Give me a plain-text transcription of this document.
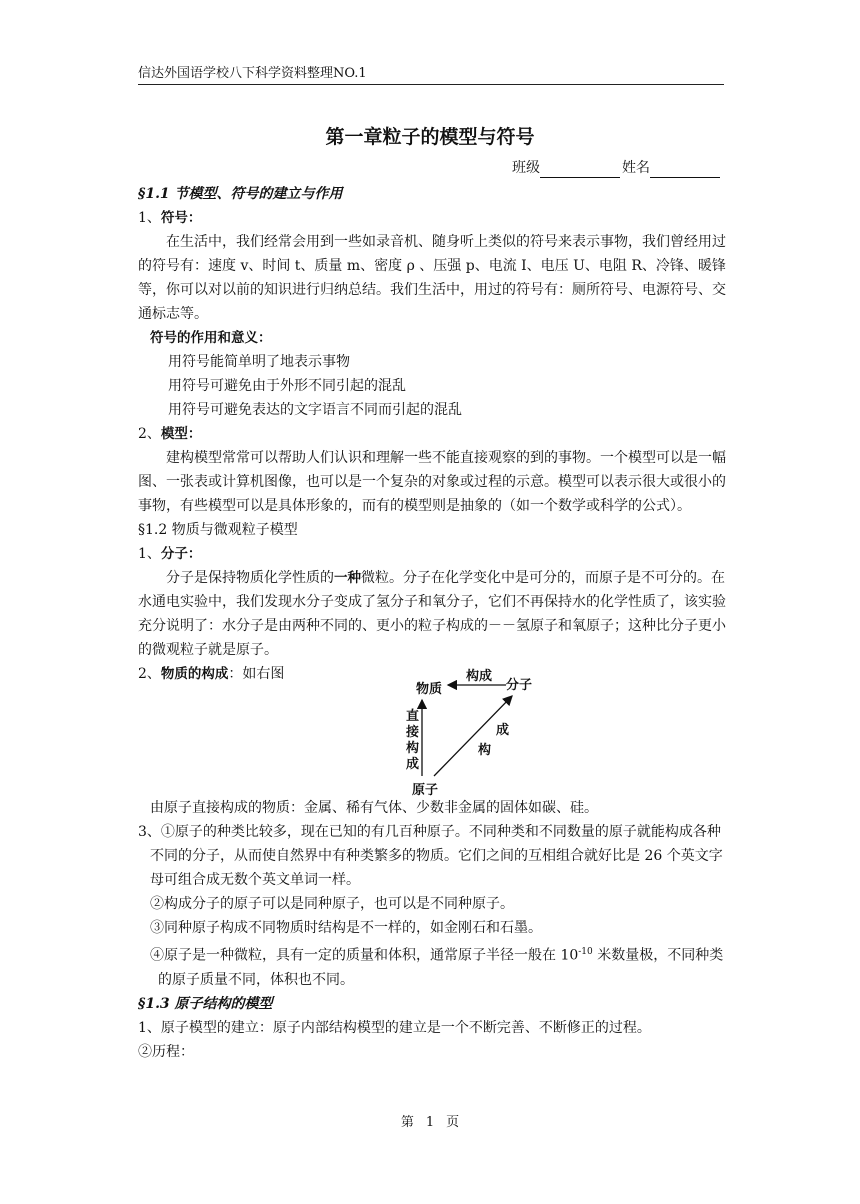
信达外国语学校八下科学资料整理NO.1
第一章粒子的模型与符号
班级	姓名

§1.1 节模型、符号的建立与作用

1、符号：

在生活中，我们经常会用到一些如录音机、随身听上类似的符号来表示事物，我们曾经用过的符号有：速度 v、时间 t、质量 m、密度 ρ 、压强 p、电流 I、电压 U、电阻 R、冷锋、暖锋等，你可以对以前的知识进行归纳总结。我们生活中，用过的符号有：厕所符号、电源符号、交通标志等。

符号的作用和意义：

用符号能简单明了地表示事物

用符号可避免由于外形不同引起的混乱

用符号可避免表达的文字语言不同而引起的混乱

2、模型：

建构模型常常可以帮助人们认识和理解一些不能直接观察的到的事物。一个模型可以是一幅图、一张表或计算机图像，也可以是一个复杂的对象或过程的示意。模型可以表示很大或很小的事物，有些模型可以是具体形象的，而有的模型则是抽象的（如一个数学或科学的公式）。

§1.2 物质与微观粒子模型

1、分子：

分子是保持物质化学性质的一种微粒。分子在化学变化中是可分的，而原子是不可分的。在水通电实验中，我们发现水分子变成了氢分子和氧分子，它们不再保持水的化学性质了，该实验充分说明了：水分子是由两种不同的、更小的粒子构成的－－氢原子和氧原子；这种比分子更小的微观粒子就是原子。

2、物质的构成：如右图
物质	分子
原子
构成
直
接
构
成
成
构

由原子直接构成的物质：金属、稀有气体、少数非金属的固体如碳、硅。

3、①原子的种类比较多，现在已知的有几百种原子。不同种类和不同数量的原子就能构成各种不同的分子，从而使自然界中有种类繁多的物质。它们之间的互相组合就好比是 26 个英文字母可组合成无数个英文单词一样。

②构成分子的原子可以是同种原子，也可以是不同种原子。

③同种原子构成不同物质时结构是不一样的，如金刚石和石墨。

④原子是一种微粒，具有一定的质量和体积，通常原子半径一般在 $10^{-10}$ 米数量极，不同种类的原子质量不同，体积也不同。

§1.3 原子结构的模型

1、原子模型的建立：原子内部结构模型的建立是一个不断完善、不断修正的过程。

②历程：

第 1 页
